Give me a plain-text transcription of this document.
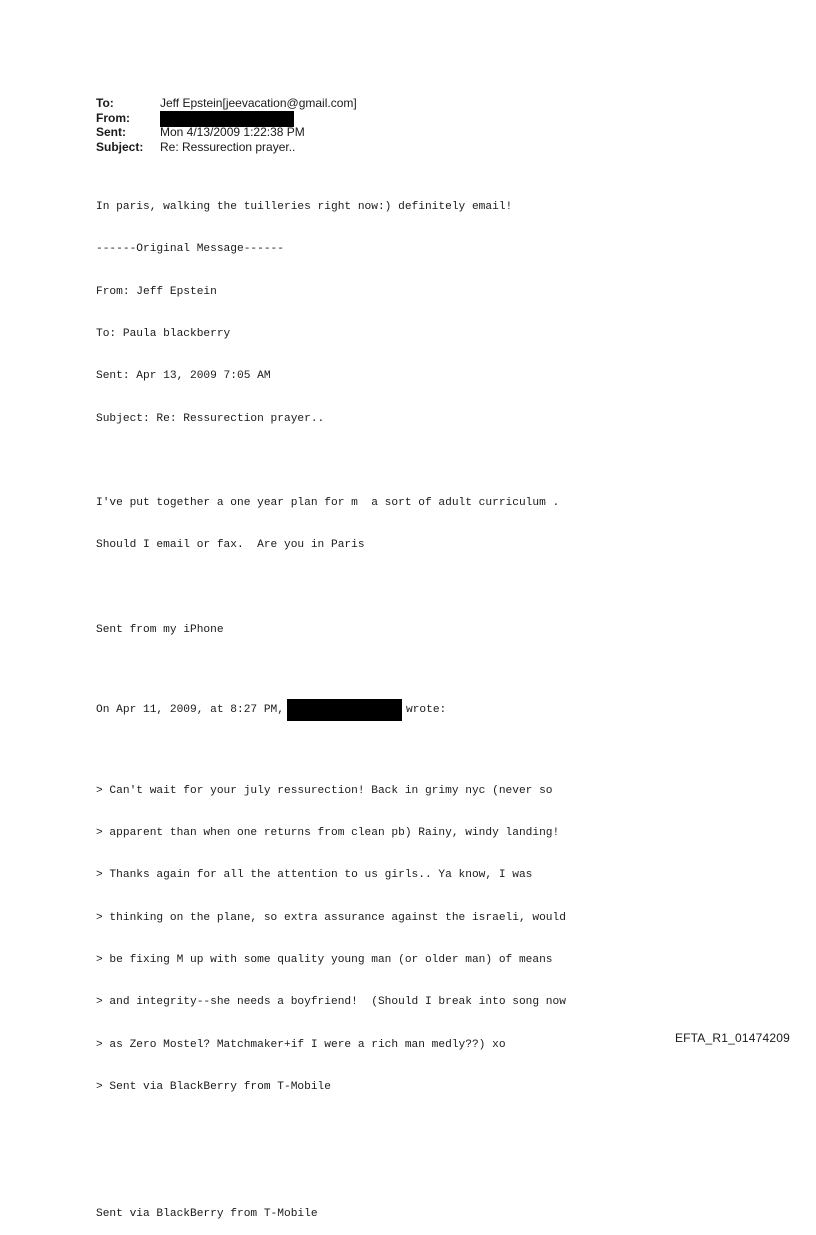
To:	Jeff Epstein[jeevacation@gmail.com]
From:
Sent:	Mon 4/13/2009 1:22:38 PM
Subject:	Re: Ressurection prayer..

In paris, walking the tuilleries right now:) definitely email!

------Original Message------

From: Jeff Epstein

To: Paula blackberry

Sent: Apr 13, 2009 7:05 AM

Subject: Re: Ressurection prayer..

I've put together a one year plan for m  a sort of adult curriculum .

Should I email or fax.  Are you in Paris

Sent from my iPhone

On Apr 11, 2009, at 8:27 PM,	wrote:

> Can't wait for your july ressurection! Back in grimy nyc (never so

> apparent than when one returns from clean pb) Rainy, windy landing!

> Thanks again for all the attention to us girls.. Ya know, I was

> thinking on the plane, so extra assurance against the israeli, would

> be fixing M up with some quality young man (or older man) of means

> and integrity--she needs a boyfriend!  (Should I break into song now

> as Zero Mostel? Matchmaker+if I were a rich man medly??) xo

> Sent via BlackBerry from T-Mobile

Sent via BlackBerry from T-Mobile

EFTA_R1_01474209
